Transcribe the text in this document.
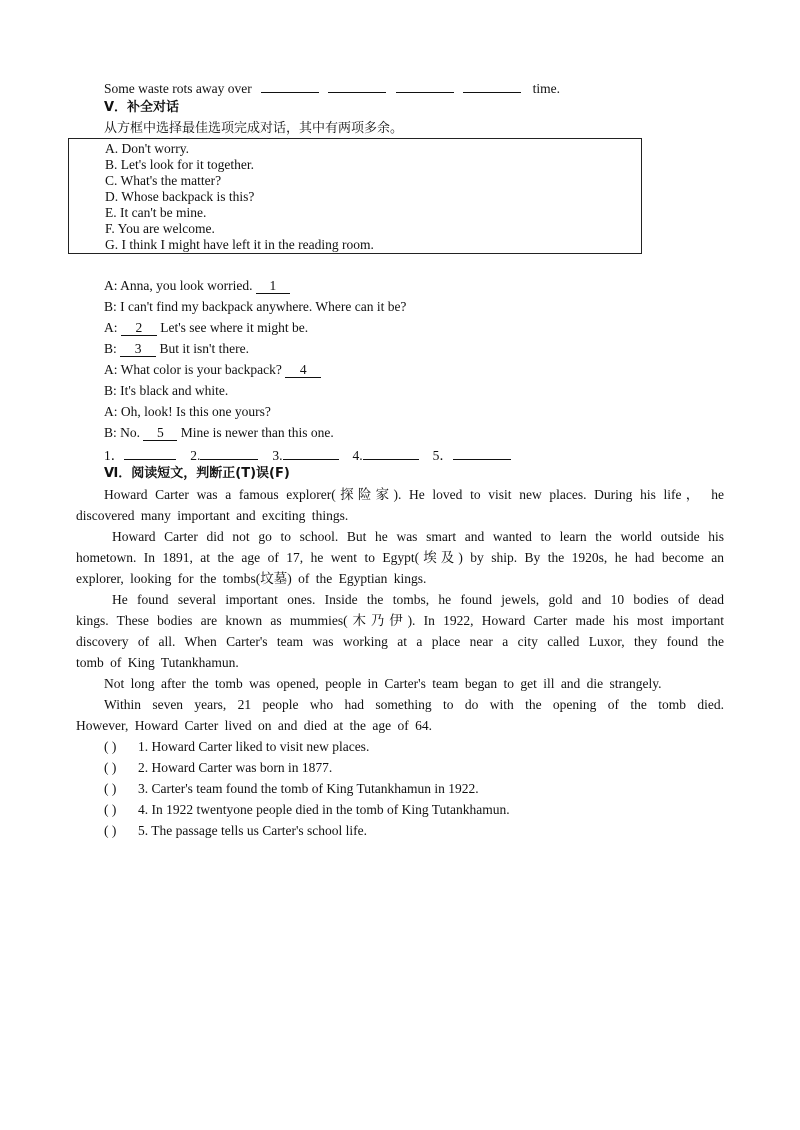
Some waste rots away over	time.
Ⅴ．补全对话
从方框中选择最佳选项完成对话，其中有两项多余。
A. Don't worry.
B. Let's look for it together.
C. What's the matter?
D. Whose backpack is this?
E. It can't be mine.
F. You are welcome.
G. I think I might have left it in the reading room.
A: Anna, you look worried. 1
B: I can't find my backpack anywhere. Where can it be?
A: 2 Let's see where it might be.
B: 3 But it isn't there.
A: What color is your backpack? 4
B: It's black and white.
A: Oh, look! Is this one yours?
B: No. 5 Mine is newer than this one.
1．	2.	3.	4.	5．
Ⅵ．阅读短文，判断正(T)误(F)
Howard Carter was a famous explorer(探险家). He loved to visit new places. During his life， he
discovered many important and exciting things.
Howard Carter did not go to school. But he was smart and wanted to learn the world outside his
hometown. In 1891, at the age of 17, he went to Egypt(埃及) by ship. By the 1920s, he had become an
explorer, looking for the tombs(坟墓) of the Egyptian kings.
He found several important ones. Inside the tombs, he found jewels, gold and 10 bodies of dead
kings. These bodies are known as mummies(木乃伊). In 1922, Howard Carter made his most important
discovery of all. When Carter's team was working at a place near a city called Luxor, they found the
tomb of King Tutankhamun.
Not long after the tomb was opened, people in Carter's team began to get ill and die strangely.
Within seven years, 21 people who had something to do with the opening of the tomb died.
However, Howard Carter lived on and died at the age of 64.
( ) 1. Howard Carter liked to visit new places.
( ) 2. Howard Carter was born in 1877.
( ) 3. Carter's team found the tomb of King Tutankhamun in 1922.
( ) 4. In 1922 twentyone people died in the tomb of King Tutankhamun.
( ) 5. The passage tells us Carter's school life.
